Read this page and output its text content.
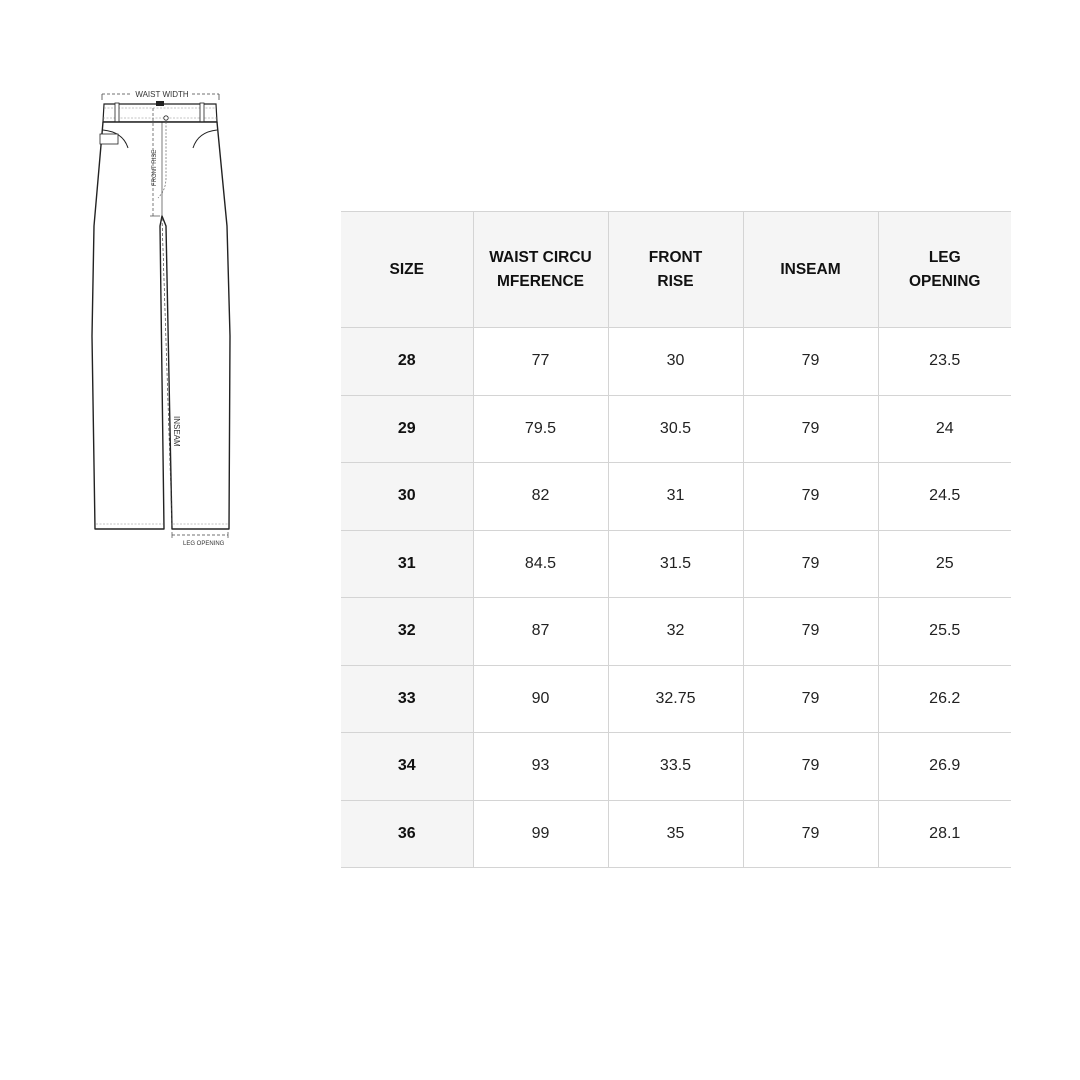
WAIST WIDTH
FRONT RISE
INSEAM
LEG OPENING
SIZE	WAIST CIRCUMFERENCE	FRONT RISE	INSEAM	LEG OPENING
28	77	30	79	23.5
29	79.5	30.5	79	24
30	82	31	79	24.5
31	84.5	31.5	79	25
32	87	32	79	25.5
33	90	32.75	79	26.2
34	93	33.5	79	26.9
36	99	35	79	28.1
